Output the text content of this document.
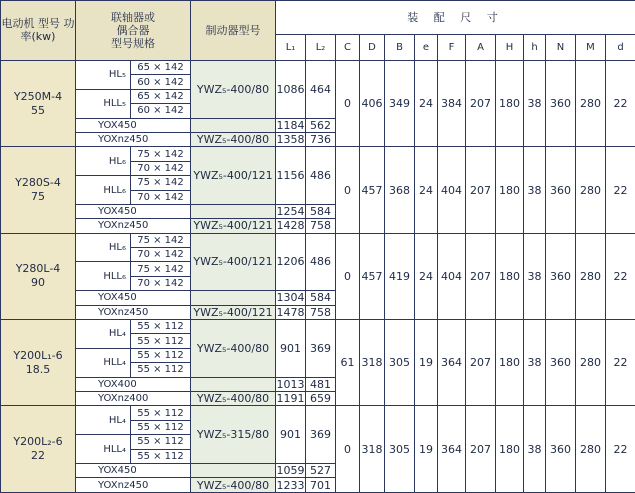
电动机 型号 功率(kw)	联轴器或
偶合器
型号规格		制动器型号	装 配 尺 寸												
				L₁	L₂	C	D	B	e	F	A	H	h	N	M	d

Y250M-4
55	HL₅	65 × 142	YWZ₅-400/80	1086	464	0	406	349	24	384	207	180	38	360	280	22
		60 × 142														
	HLL₅	65 × 142														
		60 × 142														
	YOX450			1184	562											
	YOXnz450		YWZ₅-400/80	1358	736											

Y280S-4
75	HL₆	75 × 142	YWZ₅-400/121	1156	486	0	457	368	24	404	207	180	38	360	280	22
		70 × 142														
	HLL₆	75 × 142														
		70 × 142														
	YOX450			1254	584											
	YOXnz450		YWZ₅-400/121	1428	758											

Y280L-4
90	HL₆	75 × 142	YWZ₅-400/121	1206	486	0	457	419	24	404	207	180	38	360	280	22
		70 × 142														
	HLL₆	75 × 142														
		70 × 142														
	YOX450			1304	584											
	YOXnz450		YWZ₅-400/121	1478	758											

Y200L₁-6
18.5	HL₄	55 × 112	YWZ₅-400/80	901	369	61	318	305	19	364	207	180	38	360	280	22
		55 × 112														
	HLL₄	55 × 112														
		55 × 112														
	YOX400			1013	481											
	YOXnz400		YWZ₅-400/80	1191	659											

Y200L₂-6
22	HL₄	55 × 112	YWZ₅-315/80	901	369	0	318	305	19	364	207	180	38	360	280	22
		55 × 112														
	HLL₄	55 × 112														
		55 × 112														
	YOX450			1059	527											
	YOXnz450		YWZ₅-400/80	1233	701											
